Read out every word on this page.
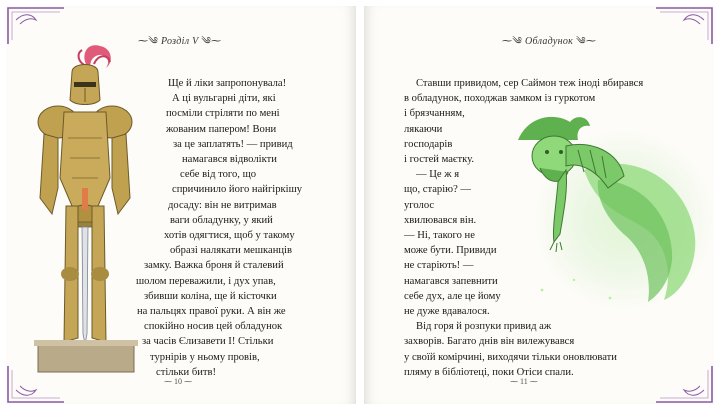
⁓༄ Розділ V ༄⁓
Ще й ліки запропонувала!
А ці вульгарні діти, які
посміли стріляти по мені
жованим папером! Вони
за це заплатять! — привид
намагався відволікти
себе від того, що
спричинило його найгіркішу
досаду: він не витримав
ваги обладунку, у який
хотів одягтися, щоб у такому
образі налякати мешканців
замку. Важка броня й сталевий
шолом переважили, і дух упав,
збивши коліна, ще й кісточки
на пальцях правої руки. А він же
спокійно носив цей обладунок
за часів Єлизавети I! Стільки
турнірів у ньому провів,
стільки битв!
⁓ 10 ⁓
⁓༄ Обладунок ༄⁓
Ставши привидом, сер Саймон теж іноді вбирався
в обладунок, походжав замком із гуркотом
і брязчанням,
лякаючи
господарів
і гостей маєтку.
— Це ж я
що, старію? —
уголос
хвилювався він.
— Ні, такого не
може бути. Привиди
не старіють! —
намагався запевнити
себе дух, але це йому
не дуже вдавалося.
Від горя й розпуки привид аж
захворів. Багато днів він вилежувався
у своїй комірчині, виходячи тільки оновлювати
пляму в бібліотеці, поки Отіси спали.
⁓ 11 ⁓
